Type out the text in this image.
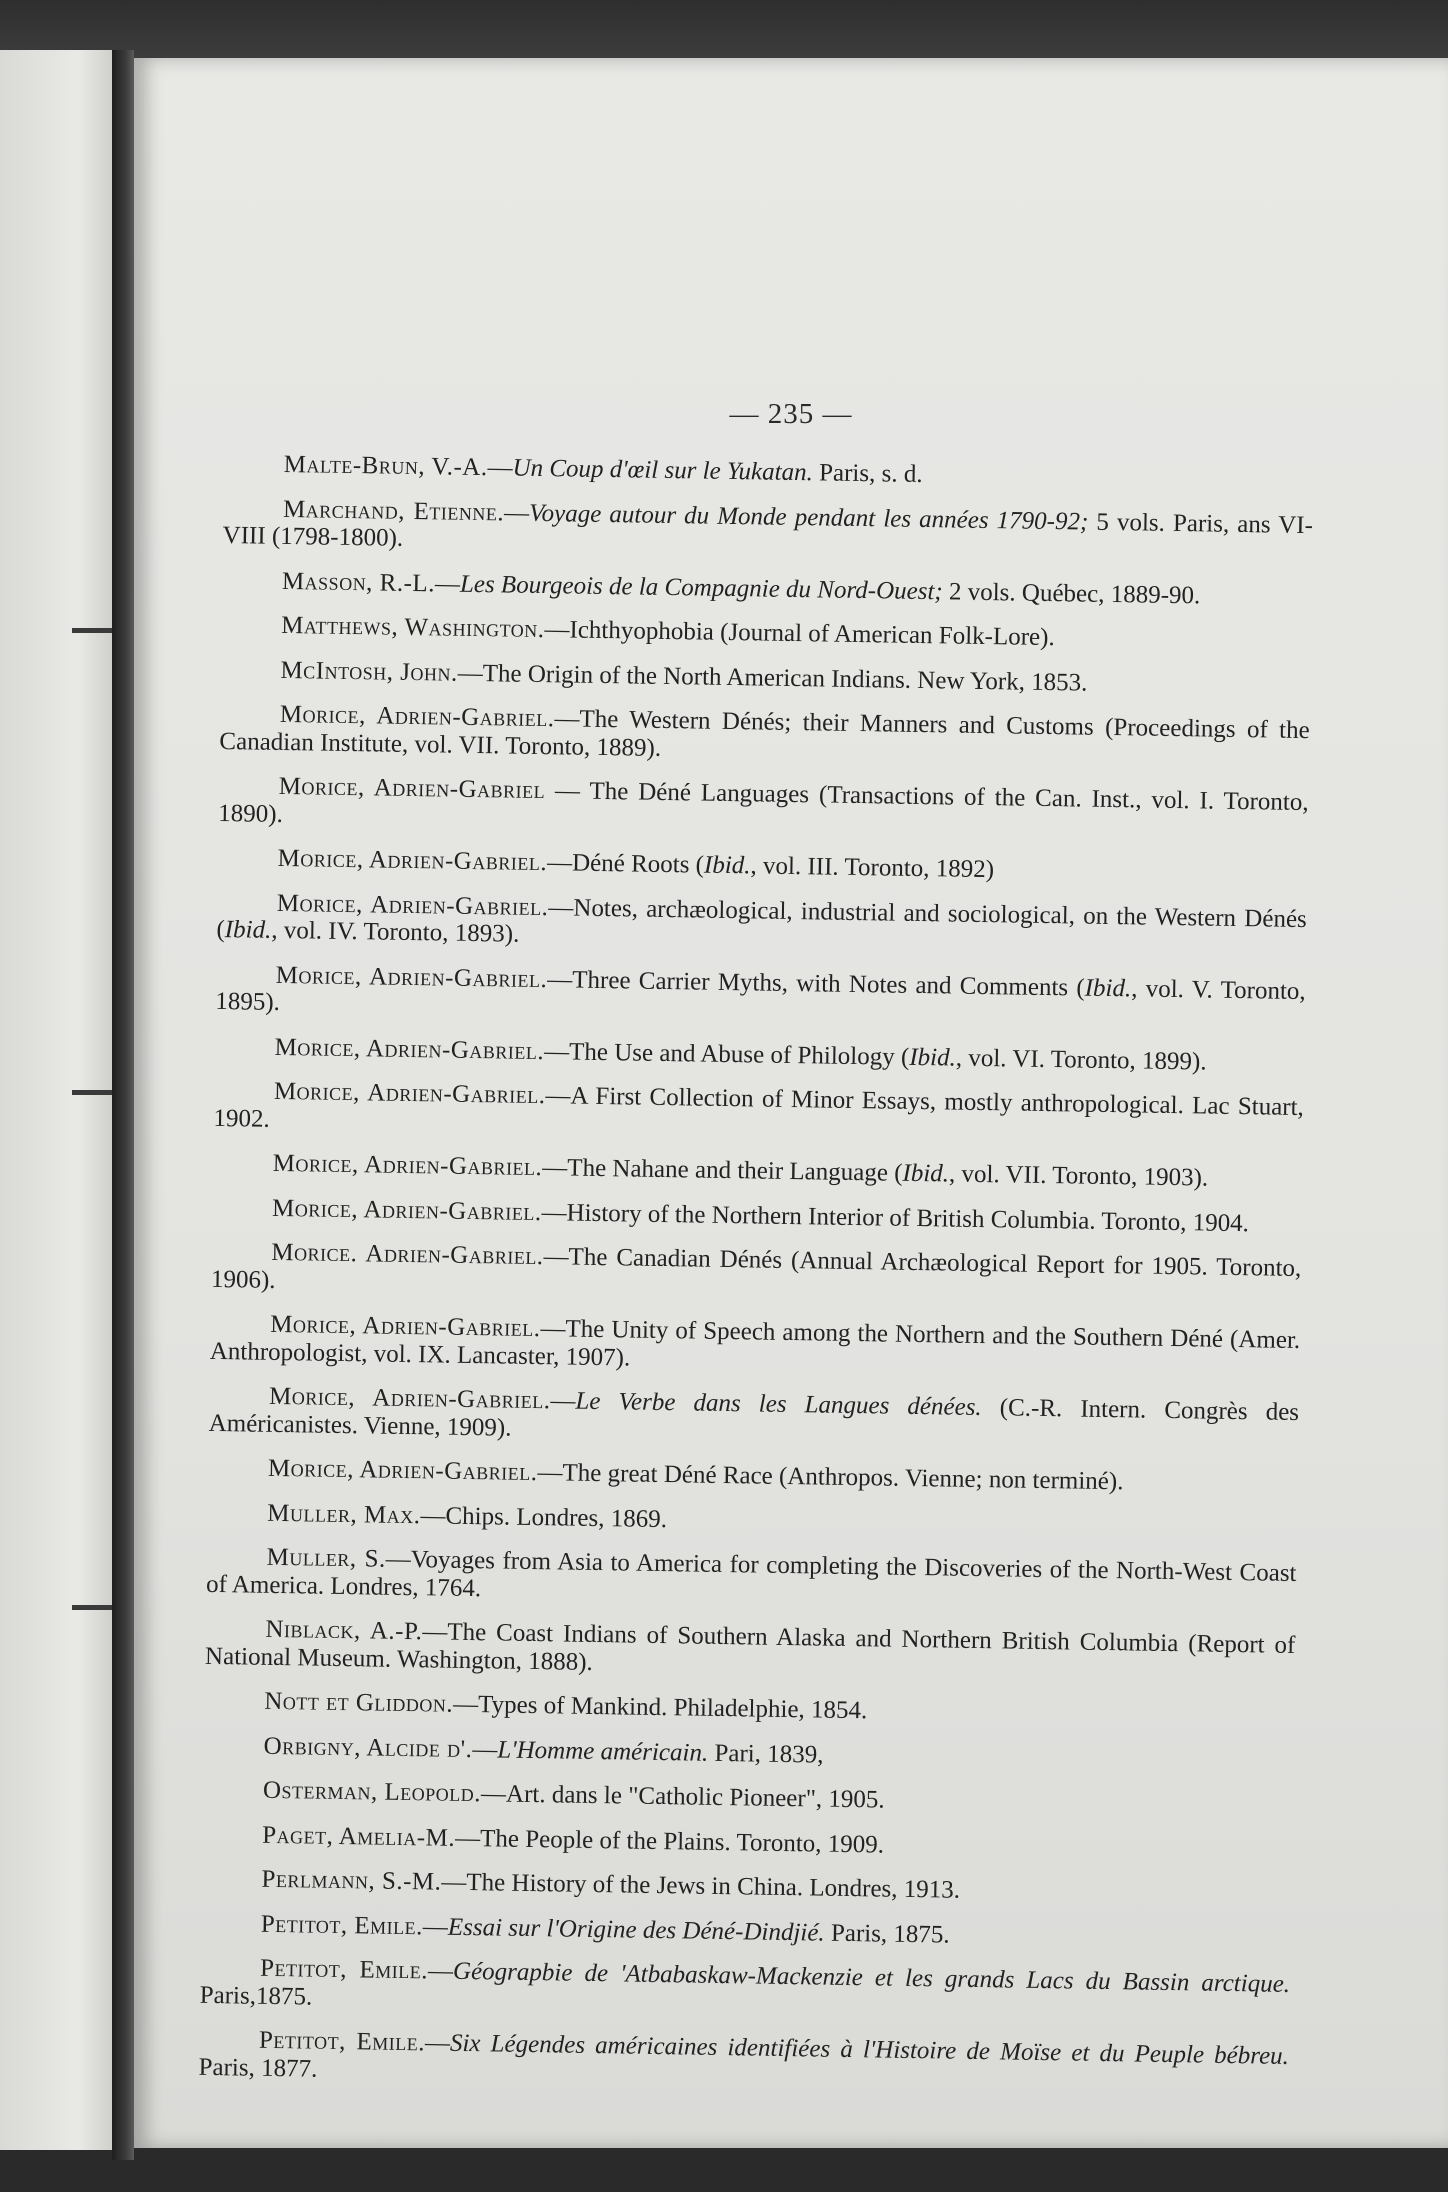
— 235 —

Malte-Brun, V.-A.—Un Coup d'œil sur le Yukatan. Paris, s. d.

Marchand, Etienne.—Voyage autour du Monde pendant les années 1790-92; 5 vols. Paris, ans VI-VIII (1798-1800).

Masson, R.-L.—Les Bourgeois de la Compagnie du Nord-Ouest; 2 vols. Québec, 1889-90.

Matthews, Washington.—Ichthyophobia (Journal of American Folk-Lore).

McIntosh, John.—The Origin of the North American Indians. New York, 1853.

Morice, Adrien-Gabriel.—The Western Dénés; their Manners and Customs (Proceedings of the Canadian Institute, vol. VII. Toronto, 1889).

Morice, Adrien-Gabriel — The Déné Languages (Transactions of the Can. Inst., vol. I. Toronto, 1890).

Morice, Adrien-Gabriel.—Déné Roots (Ibid., vol. III. Toronto, 1892)

Morice, Adrien-Gabriel.—Notes, archæological, industrial and sociological, on the Western Dénés (Ibid., vol. IV. Toronto, 1893).

Morice, Adrien-Gabriel.—Three Carrier Myths, with Notes and Comments (Ibid., vol. V. Toronto, 1895).

Morice, Adrien-Gabriel.—The Use and Abuse of Philology (Ibid., vol. VI. Toronto, 1899).

Morice, Adrien-Gabriel.—A First Collection of Minor Essays, mostly anthropological. Lac Stuart, 1902.

Morice, Adrien-Gabriel.—The Nahane and their Language (Ibid., vol. VII. Toronto, 1903).

Morice, Adrien-Gabriel.—History of the Northern Interior of British Columbia. Toronto, 1904.

Morice. Adrien-Gabriel.—The Canadian Dénés (Annual Archæological Report for 1905. Toronto, 1906).

Morice, Adrien-Gabriel.—The Unity of Speech among the Northern and the Southern Déné (Amer. Anthropologist, vol. IX. Lancaster, 1907).

Morice, Adrien-Gabriel.—Le Verbe dans les Langues dénées. (C.-R. Intern. Congrès des Américanistes. Vienne, 1909).

Morice, Adrien-Gabriel.—The great Déné Race (Anthropos. Vienne; non terminé).

Muller, Max.—Chips. Londres, 1869.

Muller, S.—Voyages from Asia to America for completing the Discoveries of the North-West Coast of America. Londres, 1764.

Niblack, A.-P.—The Coast Indians of Southern Alaska and Northern British Columbia (Report of National Museum. Washington, 1888).

Nott et Gliddon.—Types of Mankind. Philadelphie, 1854.

Orbigny, Alcide d'.—L'Homme américain. Pari, 1839,

Osterman, Leopold.—Art. dans le "Catholic Pioneer", 1905.

Paget, Amelia-M.—The People of the Plains. Toronto, 1909.

Perlmann, S.-M.—The History of the Jews in China. Londres, 1913.

Petitot, Emile.—Essai sur l'Origine des Déné-Dindjié. Paris, 1875.

Petitot, Emile.—Géograpbie de 'Atbabaskaw-Mackenzie et les grands Lacs du Bassin arctique. Paris,1875.

Petitot, Emile.—Six Légendes américaines identifiées à l'Histoire de Moïse et du Peuple bébreu. Paris, 1877.
